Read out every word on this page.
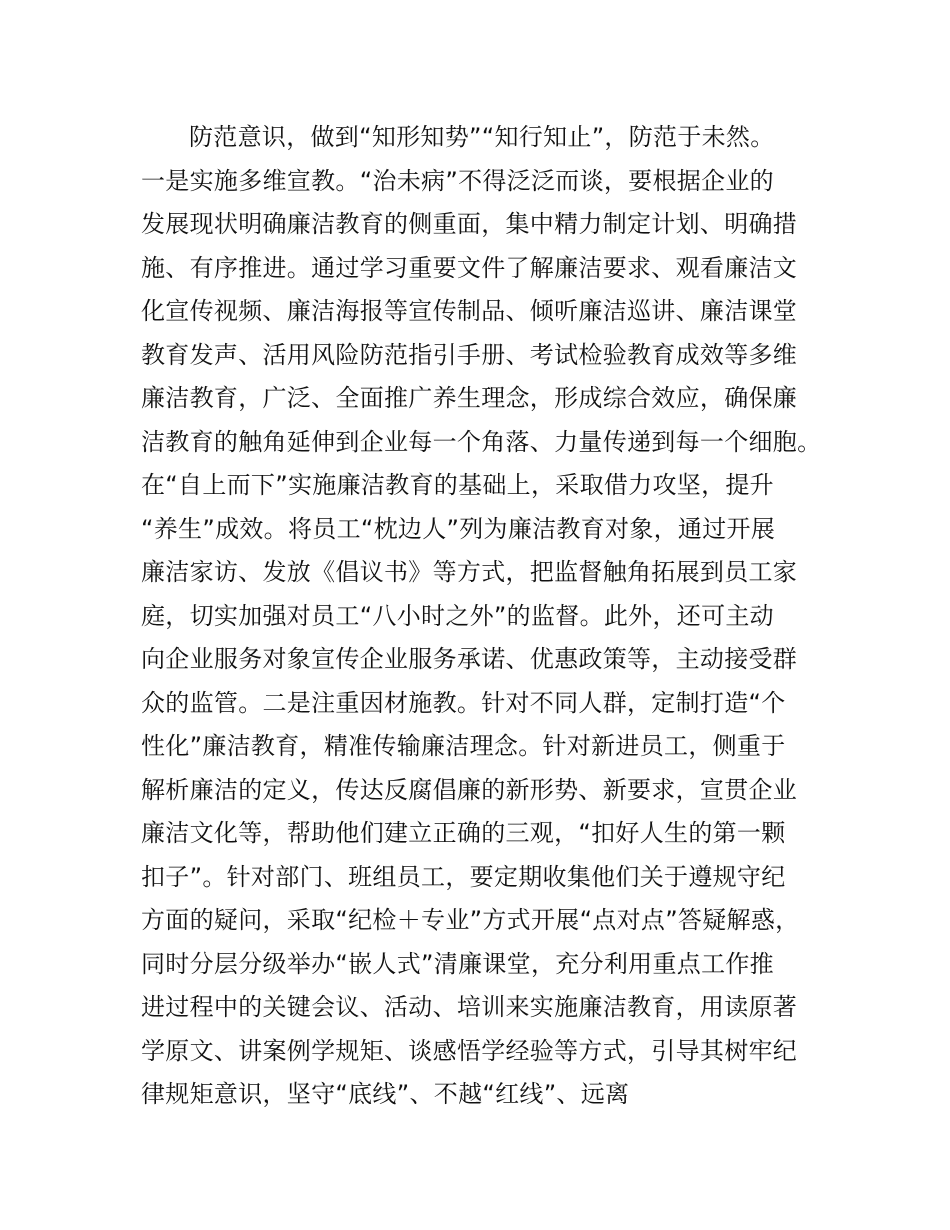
防范意识，做到“知形知势”“知行知止”，防范于未然。
一是实施多维宣教。“治未病”不得泛泛而谈，要根据企业的
发展现状明确廉洁教育的侧重面，集中精力制定计划、明确措
施、有序推进。通过学习重要文件了解廉洁要求、观看廉洁文
化宣传视频、廉洁海报等宣传制品、倾听廉洁巡讲、廉洁课堂
教育发声、活用风险防范指引手册、考试检验教育成效等多维
廉洁教育，广泛、全面推广养生理念，形成综合效应，确保廉
洁教育的触角延伸到企业每一个角落、力量传递到每一个细胞。
在“自上而下”实施廉洁教育的基础上，采取借力攻坚，提升
“养生”成效。将员工“枕边人”列为廉洁教育对象，通过开展
廉洁家访、发放《倡议书》等方式，把监督触角拓展到员工家
庭，切实加强对员工“八小时之外”的监督。此外，还可主动
向企业服务对象宣传企业服务承诺、优惠政策等，主动接受群
众的监管。二是注重因材施教。针对不同人群，定制打造“个
性化”廉洁教育，精准传输廉洁理念。针对新进员工，侧重于
解析廉洁的定义，传达反腐倡廉的新形势、新要求，宣贯企业
廉洁文化等，帮助他们建立正确的三观，“扣好人生的第一颗
扣子”。针对部门、班组员工，要定期收集他们关于遵规守纪
方面的疑问，采取“纪检＋专业”方式开展“点对点”答疑解惑，
同时分层分级举办“嵌人式”清廉课堂，充分利用重点工作推
进过程中的关键会议、活动、培训来实施廉洁教育，用读原著
学原文、讲案例学规矩、谈感悟学经验等方式，引导其树牢纪
律规矩意识，坚守“底线”、不越“红线”、远离
